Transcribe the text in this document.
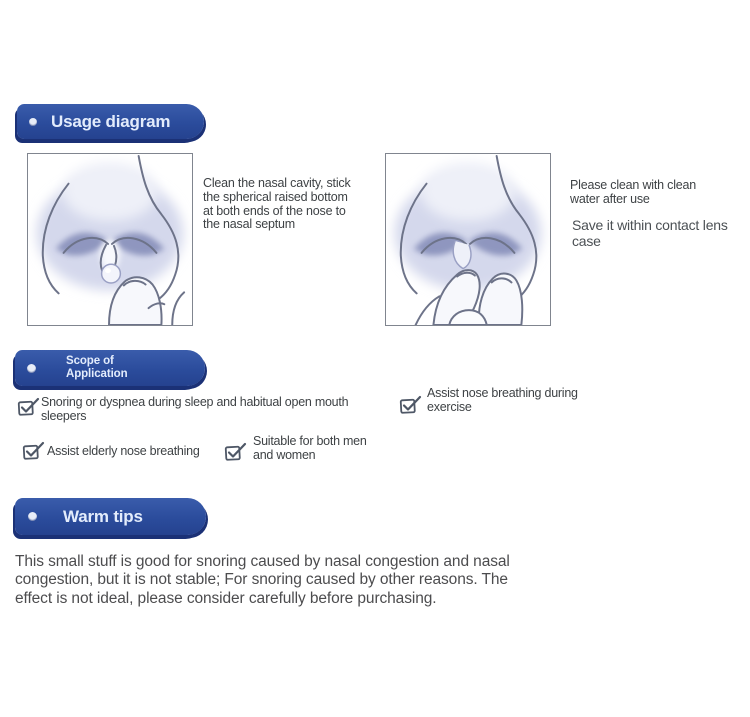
Usage diagram
Clean the nasal cavity, stick
the spherical raised bottom
at both ends of the nose to
the nasal septum
Please clean with clean water after use
Save it within contact lens case
Scope of
Application
Snoring or dyspnea during sleep and habitual open mouth sleepers
Assist nose breathing during exercise
Assist elderly nose breathing
Suitable for both men and women
Warm tips
This small stuff is good for snoring caused by nasal congestion and nasal
congestion, but it is not stable; For snoring caused by other reasons. The
effect is not ideal, please consider carefully before purchasing.
